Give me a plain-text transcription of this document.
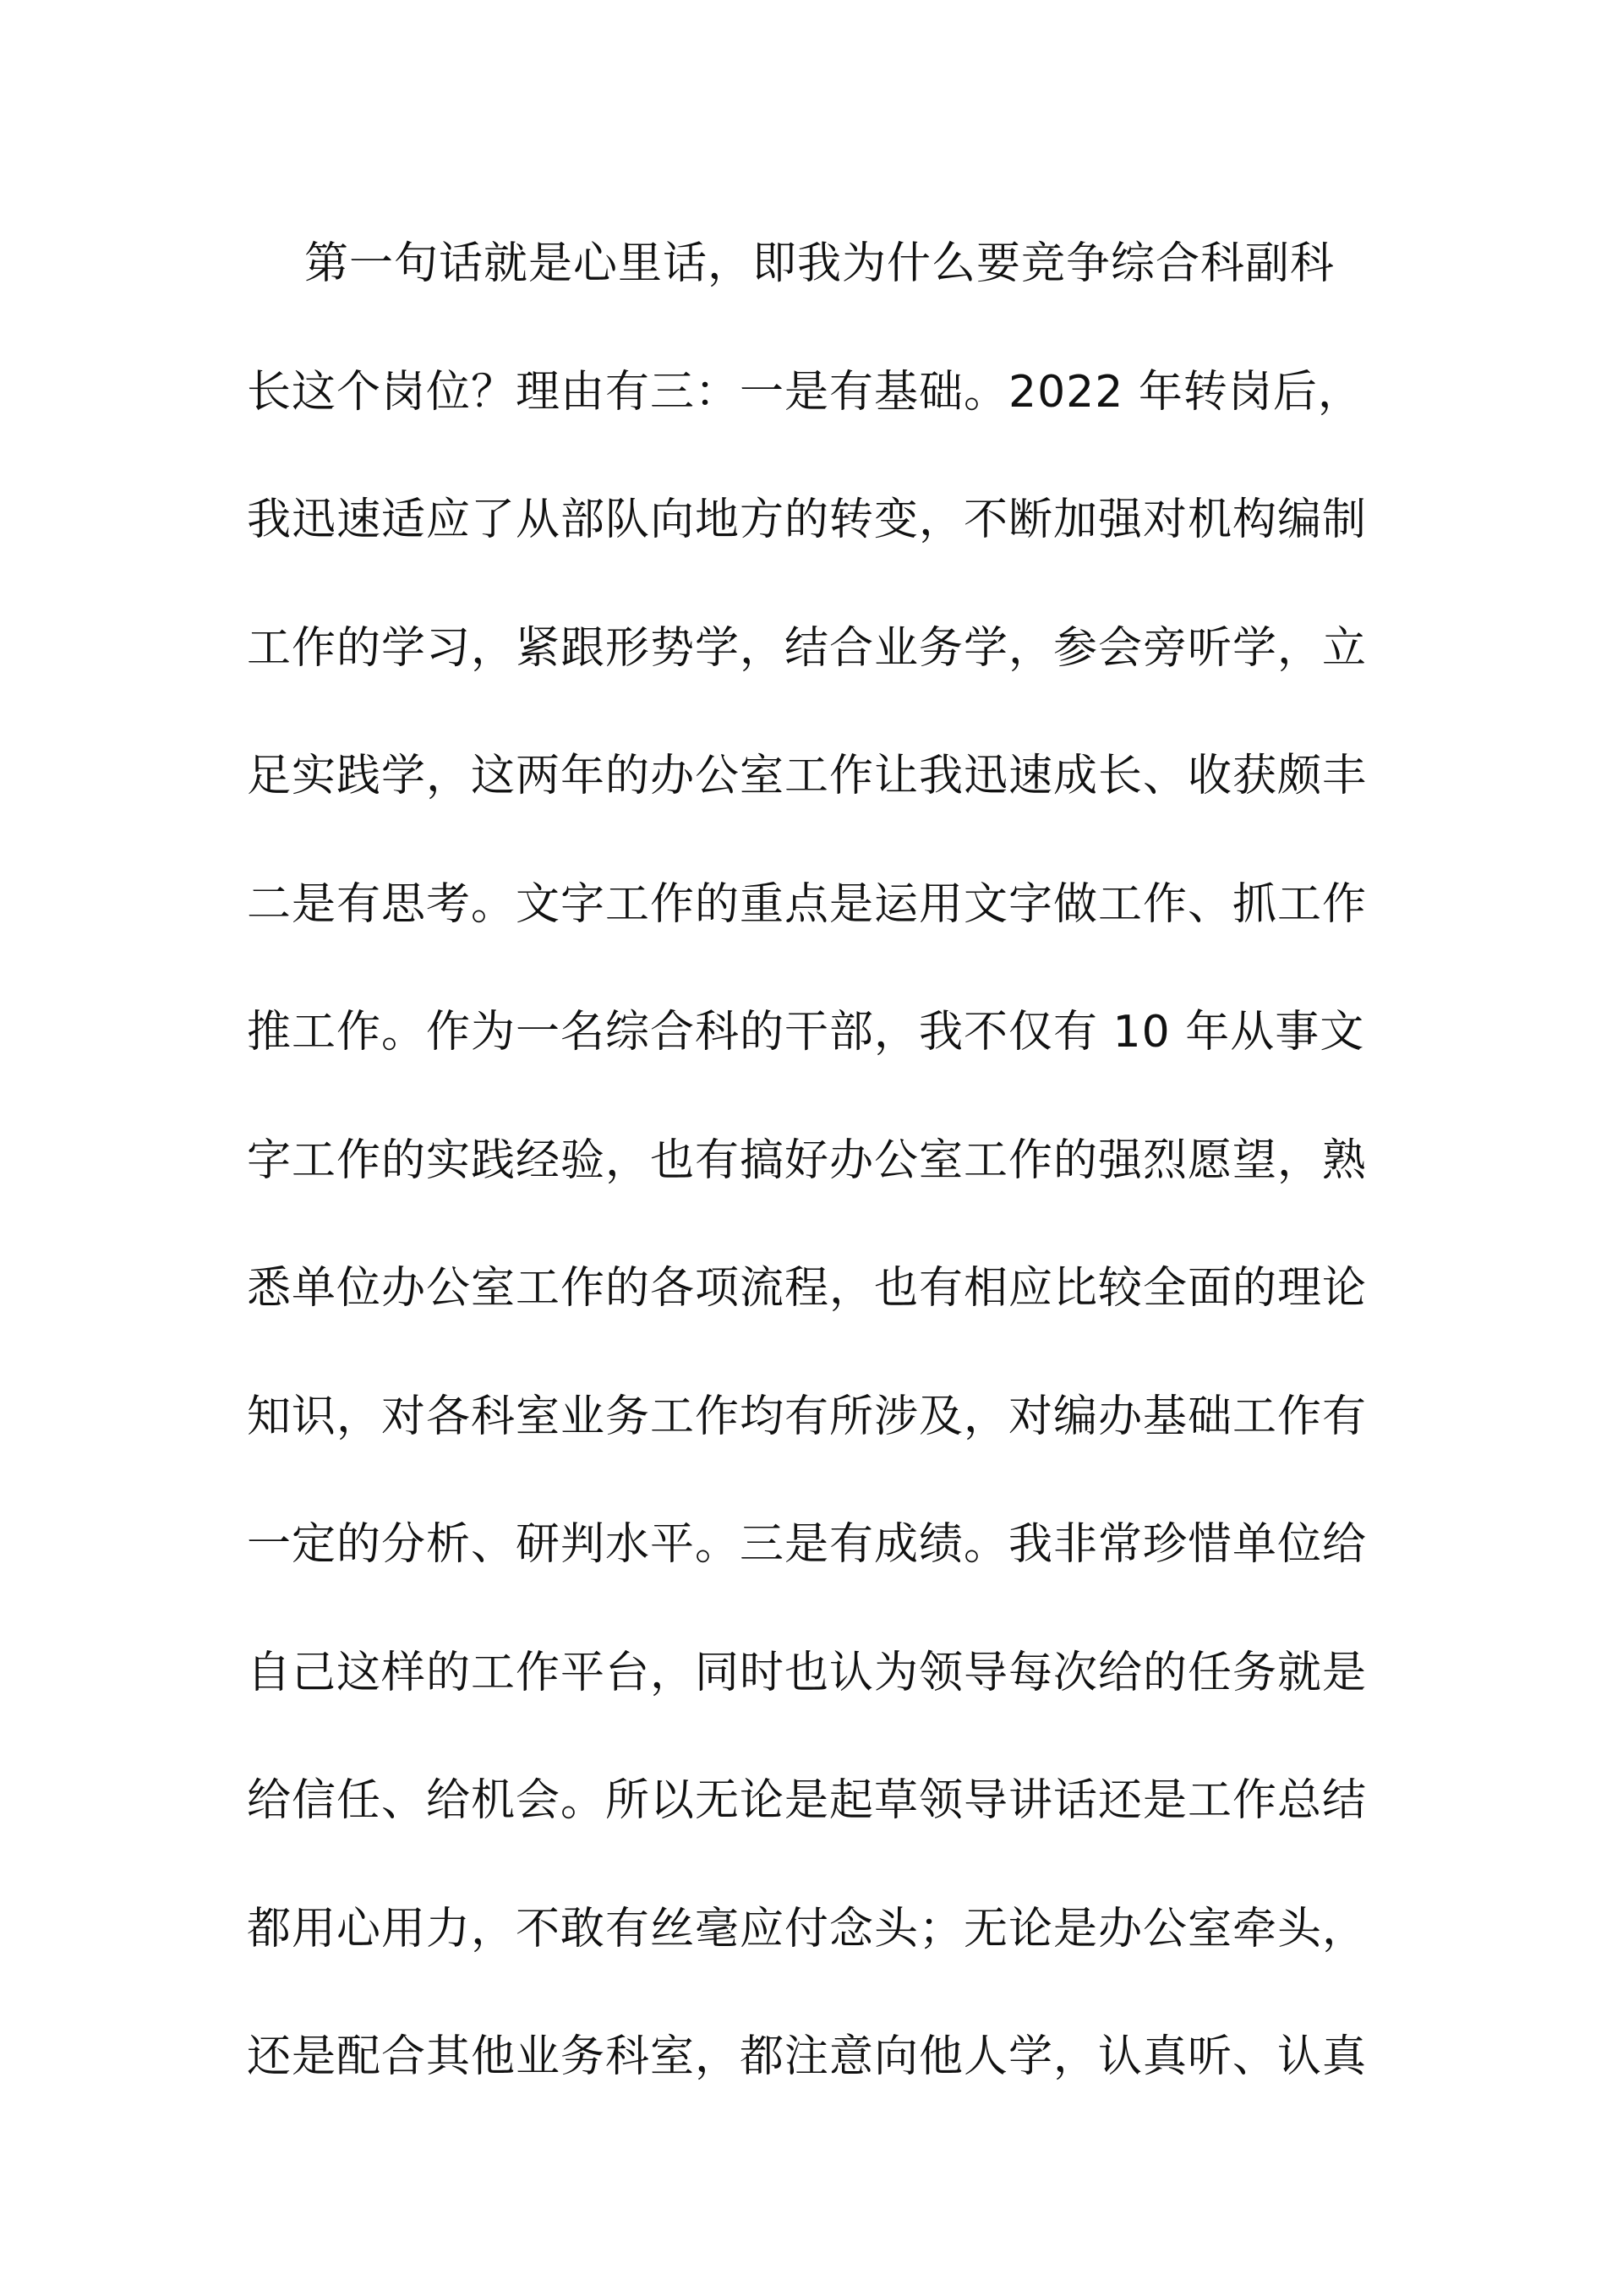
第一句话就是心里话，即我为什么要竞争综合科副科
长这个岗位？理由有三：一是有基础。2022 年转岗后，
我迅速适应了从部队向地方的转变，不断加强对机构编制
工作的学习，紧跟形势学，结合业务学，参会旁听学，立
足实践学，这两年的办公室工作让我迅速成长、收获颇丰
二是有思考。文字工作的重点是运用文字做工作、抓工作
推工作。作为一名综合科的干部，我不仅有 10 年从事文
字工作的实践经验，也有搞好办公室工作的强烈愿望，熟
悉单位办公室工作的各项流程，也有相应比较全面的理论
知识，对各科室业务工作均有所涉及，对编办基础工作有
一定的分析、研判水平。三是有成绩。我非常珍惜单位给
自己这样的工作平台，同时也认为领导每次给的任务就是
给信任、给机会。所以无论是起草领导讲话还是工作总结
都用心用力，不敢有丝毫应付念头；无论是办公室牵头，
还是配合其他业务科室，都注意向他人学，认真听、认真
